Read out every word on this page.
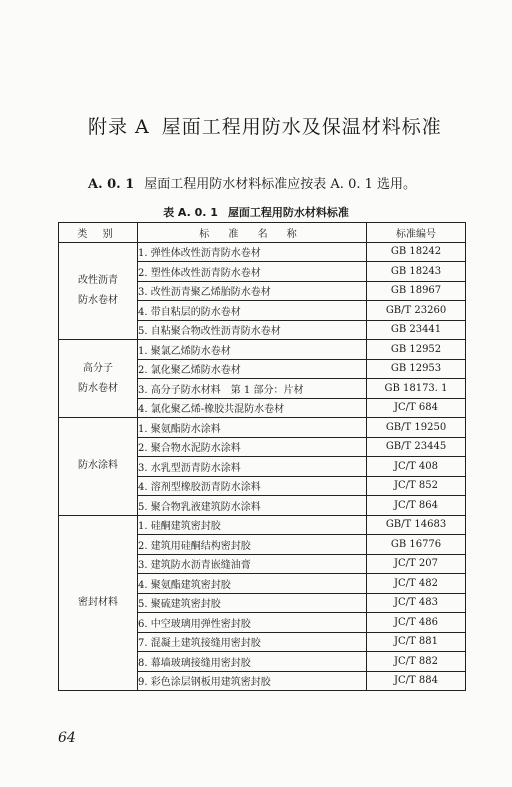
附录 A 屋面工程用防水及保温材料标准
A. 0. 1 屋面工程用防水材料标准应按表 A. 0. 1 选用。
表 A. 0. 1 屋面工程用防水材料标准
类 别	标 准 名 称	标准编号

改性沥青
防水卷材	1. 弹性体改性沥青防水卷材	GB 18242
	2. 塑性体改性沥青防水卷材	GB 18243
	3. 改性沥青聚乙烯胎防水卷材	GB 18967
	4. 带自粘层的防水卷材	GB/T 23260
	5. 自粘聚合物改性沥青防水卷材	GB 23441

高分子
防水卷材	1. 聚氯乙烯防水卷材	GB 12952
	2. 氯化聚乙烯防水卷材	GB 12953
	3. 高分子防水材料　第 1 部分：片材	GB 18173. 1
	4. 氯化聚乙烯-橡胶共混防水卷材	JC/T 684

防水涂料	1. 聚氨酯防水涂料	GB/T 19250
	2. 聚合物水泥防水涂料	GB/T 23445
	3. 水乳型沥青防水涂料	JC/T 408
	4. 溶剂型橡胶沥青防水涂料	JC/T 852
	5. 聚合物乳液建筑防水涂料	JC/T 864

密封材料	1. 硅酮建筑密封胶	GB/T 14683
	2. 建筑用硅酮结构密封胶	GB 16776
	3. 建筑防水沥青嵌缝油膏	JC/T 207
	4. 聚氨酯建筑密封胶	JC/T 482
	5. 聚硫建筑密封胶	JC/T 483
	6. 中空玻璃用弹性密封胶	JC/T 486
	7. 混凝土建筑接缝用密封胶	JC/T 881
	8. 幕墙玻璃接缝用密封胶	JC/T 882
	9. 彩色涂层钢板用建筑密封胶	JC/T 884
64
